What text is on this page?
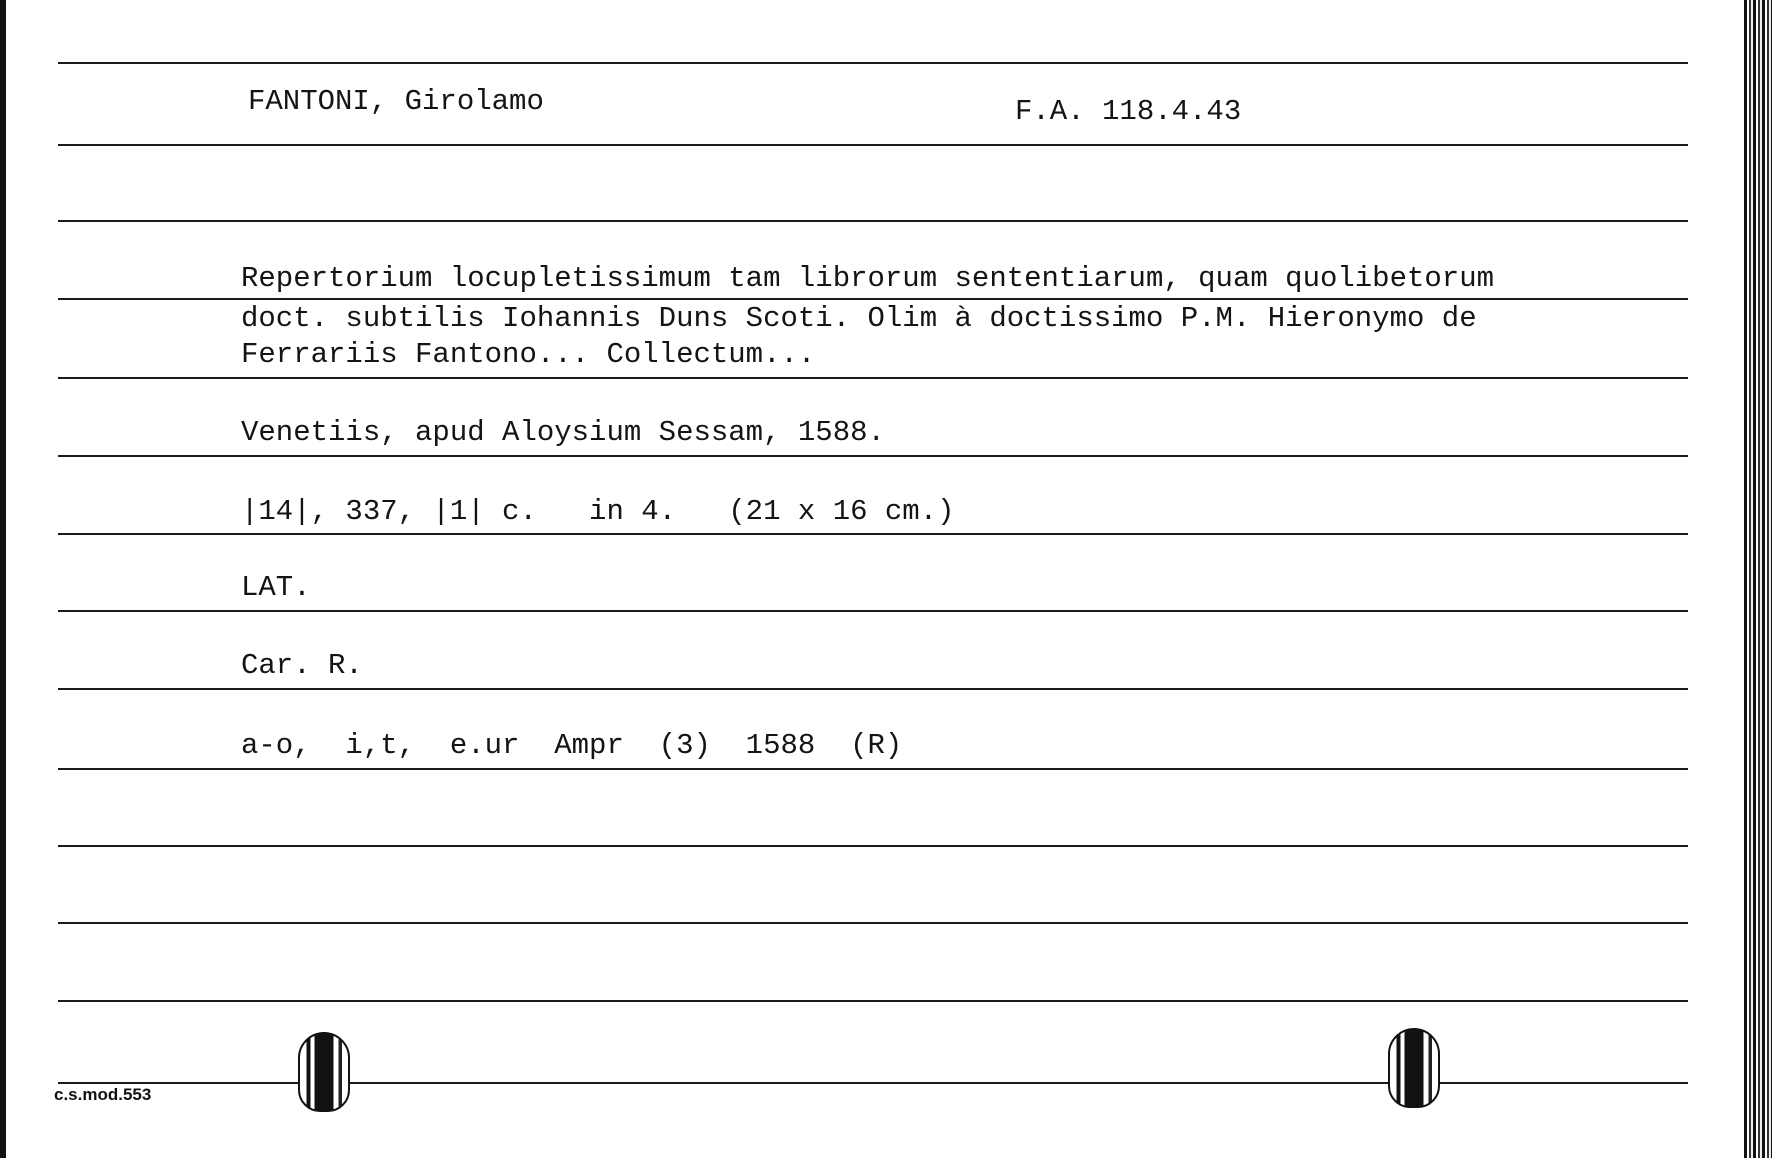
FANTONI, Girolamo	F.A. 118.4.43
Repertorium locupletissimum tam librorum sententiarum, quam quolibetorum
doct. subtilis Iohannis Duns Scoti. Olim à doctissimo P.M. Hieronymo de
Ferrariis Fantono... Collectum...
Venetiis, apud Aloysium Sessam, 1588.
|14|, 337, |1| c.   in 4.   (21 x 16 cm.)
LAT.
Car. R.
a-o,  i,t,  e.ur  Ampr  (3)  1588  (R)
c.s.mod.553
